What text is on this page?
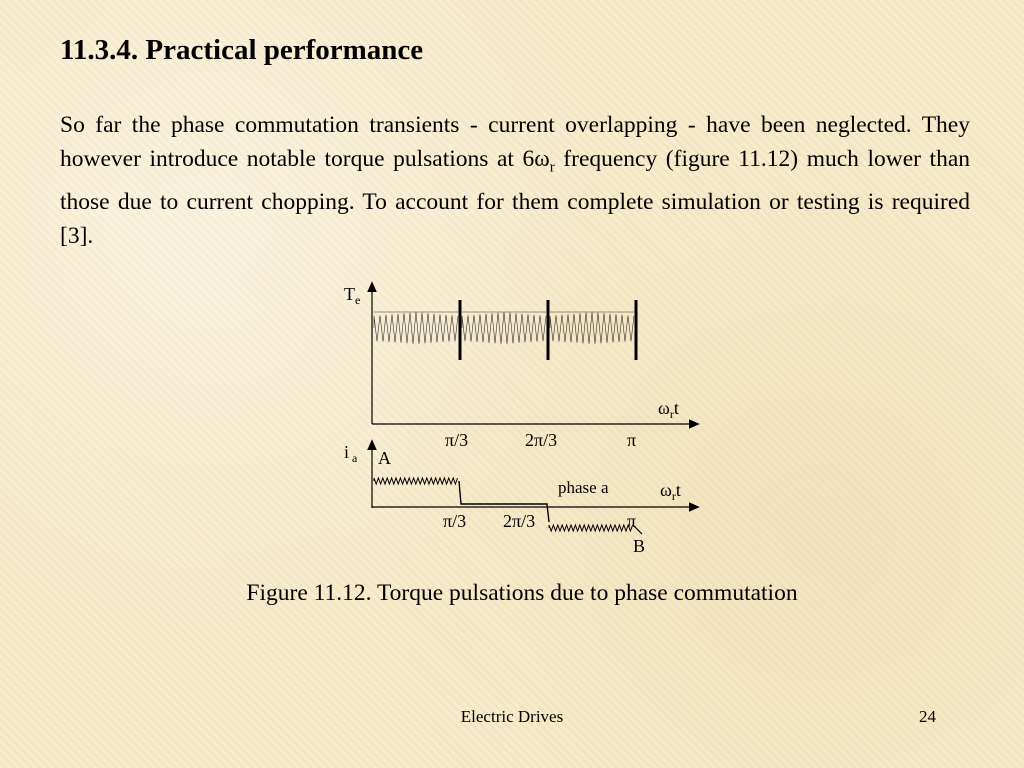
11.3.4. Practical performance

So far the phase commutation transients - current overlapping - have been neglected. They however introduce notable torque pulsations at $6\omega_r$ frequency (figure 11.12) much lower than those due to current chopping. To account for them complete simulation or testing is required [3].

$T_e$
$\omega_rt$
π/3	2π/3	π
i $_a$ A
phase a	$\omega_rt$
π/3 2π/3	π
B

Figure 11.12. Torque pulsations due to phase commutation

Electric Drives	24
